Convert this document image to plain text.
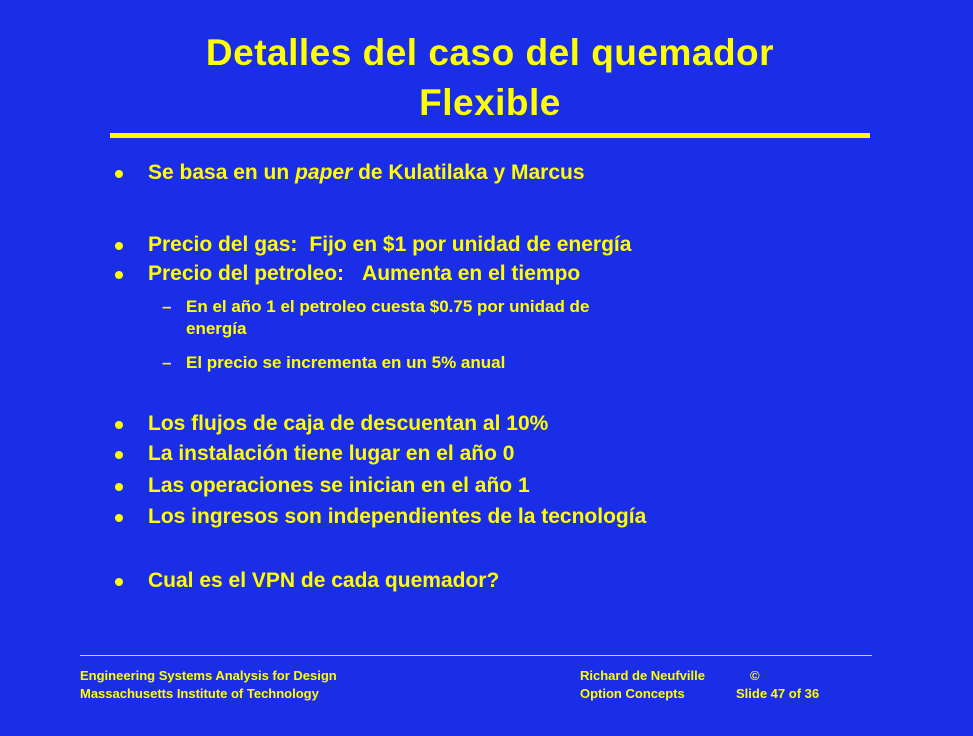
Detalles del caso del quemador
Flexible
Se basa en un paper de Kulatilaka y Marcus
Precio del gas: Fijo en $1 por unidad de energía
Precio del petroleo: Aumenta en el tiempo
– En el año 1 el petroleo cuesta $0.75 por unidad de
energía
– El precio se incrementa en un 5% anual
Los flujos de caja de descuentan al 10%
La instalación tiene lugar en el año 0
Las operaciones se inician en el año 1
Los ingresos son independientes de la tecnología
Cual es el VPN de cada quemador?
Engineering Systems Analysis for Design
Massachusetts Institute of Technology
Richard de Neufville	©
Option Concepts	Slide 47 of 36
